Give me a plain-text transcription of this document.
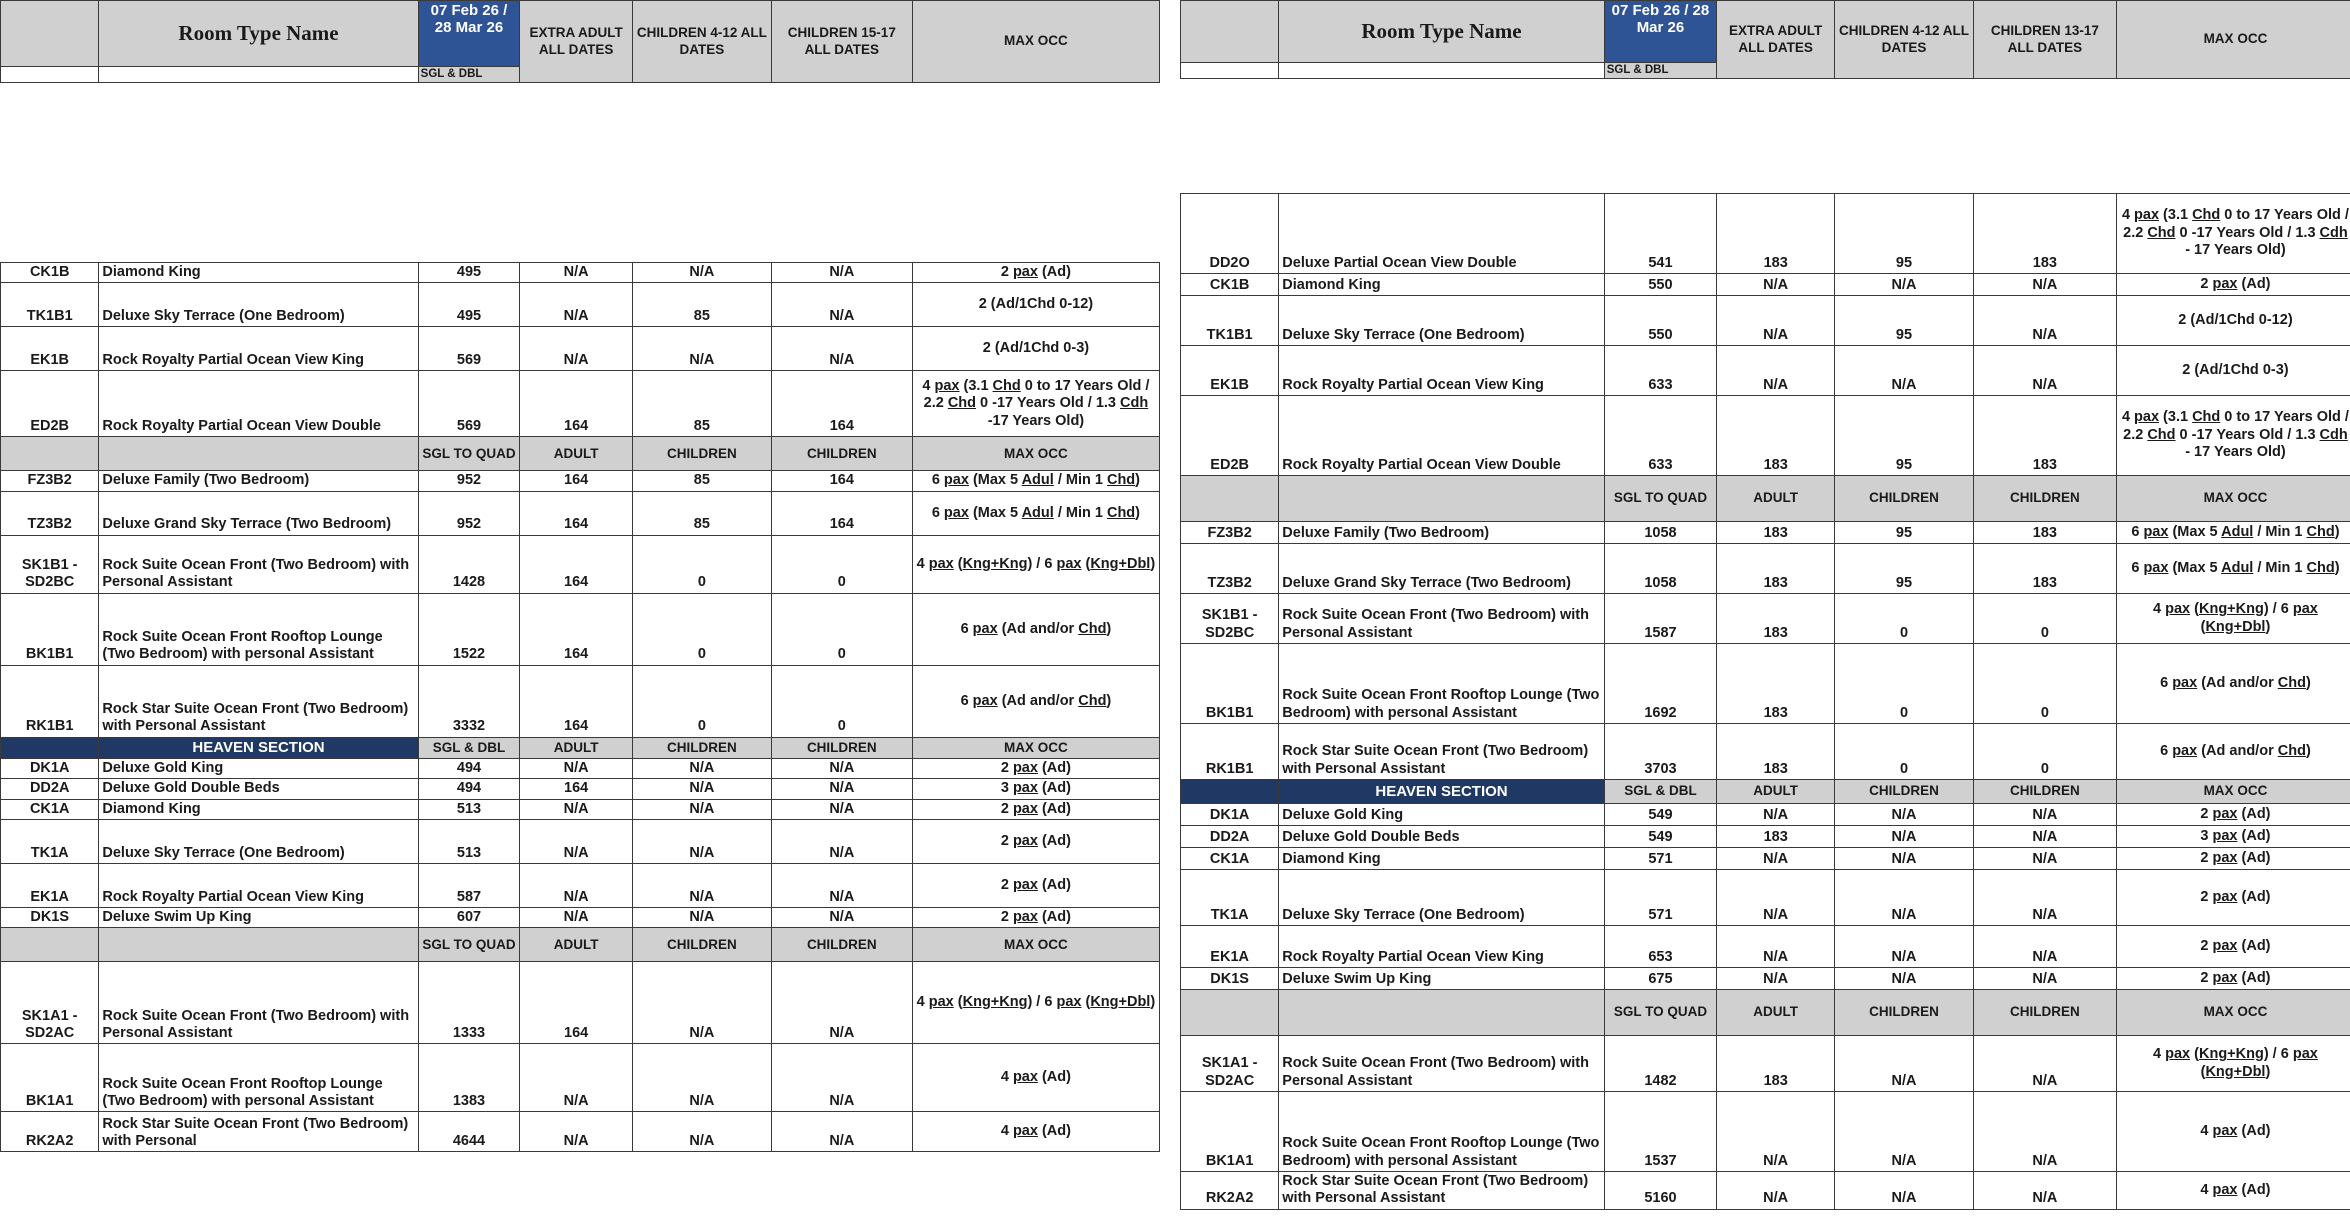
	Room Type Name	07 Feb 26 / 28 Mar 26	EXTRA ADULT ALL DATES	CHILDREN 4-12 ALL DATES	CHILDREN 15-17 ALL DATES	MAX OCC
		SGL & DBL				

CK1B	Diamond King	495	N/A	N/A	N/A	2 pax (Ad)
TK1B1	Deluxe Sky Terrace (One Bedroom)	495	N/A	85	N/A	2 (Ad/1Chd 0-12)
EK1B	Rock Royalty Partial Ocean View King	569	N/A	N/A	N/A	2 (Ad/1Chd 0-3)
ED2B	Rock Royalty Partial Ocean View Double	569	164	85	164	4 pax (3.1 Chd 0 to 17 Years Old / 2.2 Chd 0 -17 Years Old / 1.3 Cdh -17 Years Old)
		SGL TO QUAD	ADULT	CHILDREN	CHILDREN	MAX OCC
FZ3B2	Deluxe Family (Two Bedroom)	952	164	85	164	6 pax (Max 5 Adul / Min 1 Chd)
TZ3B2	Deluxe Grand Sky Terrace (Two Bedroom)	952	164	85	164	6 pax (Max 5 Adul / Min 1 Chd)
SK1B1 - SD2BC	Rock Suite Ocean Front (Two Bedroom) with Personal Assistant	1428	164	0	0	4 pax (Kng+Kng) / 6 pax (Kng+Dbl)
BK1B1	Rock Suite Ocean Front Rooftop Lounge (Two Bedroom) with personal Assistant	1522	164	0	0	6 pax (Ad and/or Chd)
RK1B1	Rock Star Suite Ocean Front (Two Bedroom) with Personal Assistant	3332	164	0	0	6 pax (Ad and/or Chd)
	HEAVEN SECTION	SGL & DBL	ADULT	CHILDREN	CHILDREN	MAX OCC
DK1A	Deluxe Gold King	494	N/A	N/A	N/A	2 pax (Ad)
DD2A	Deluxe Gold Double Beds	494	164	N/A	N/A	3 pax (Ad)
CK1A	Diamond King	513	N/A	N/A	N/A	2 pax (Ad)
TK1A	Deluxe Sky Terrace (One Bedroom)	513	N/A	N/A	N/A	2 pax (Ad)
EK1A	Rock Royalty Partial Ocean View King	587	N/A	N/A	N/A	2 pax (Ad)
DK1S	Deluxe Swim Up King	607	N/A	N/A	N/A	2 pax (Ad)
		SGL TO QUAD	ADULT	CHILDREN	CHILDREN	MAX OCC
SK1A1 - SD2AC	Rock Suite Ocean Front (Two Bedroom) with Personal Assistant	1333	164	N/A	N/A	4 pax (Kng+Kng) / 6 pax (Kng+Dbl)
BK1A1	Rock Suite Ocean Front Rooftop Lounge (Two Bedroom) with personal Assistant	1383	N/A	N/A	N/A	4 pax (Ad)
RK2A2	Rock Star Suite Ocean Front (Two Bedroom) with Personal	4644	N/A	N/A	N/A	4 pax (Ad)
	Room Type Name	07 Feb 26 / 28 Mar 26	EXTRA ADULT ALL DATES	CHILDREN 4-12 ALL DATES	CHILDREN 13-17 ALL DATES	MAX OCC
		SGL & DBL				

DD2O	Deluxe Partial Ocean View Double	541	183	95	183	4 pax (3.1 Chd 0 to 17 Years Old / 2.2 Chd 0 -17 Years Old / 1.3 Cdh - 17 Years Old)
CK1B	Diamond King	550	N/A	N/A	N/A	2 pax (Ad)
TK1B1	Deluxe Sky Terrace (One Bedroom)	550	N/A	95	N/A	2 (Ad/1Chd 0-12)
EK1B	Rock Royalty Partial Ocean View King	633	N/A	N/A	N/A	2 (Ad/1Chd 0-3)
ED2B	Rock Royalty Partial Ocean View Double	633	183	95	183	4 pax (3.1 Chd 0 to 17 Years Old / 2.2 Chd 0 -17 Years Old / 1.3 Cdh - 17 Years Old)
		SGL TO QUAD	ADULT	CHILDREN	CHILDREN	MAX OCC
FZ3B2	Deluxe Family (Two Bedroom)	1058	183	95	183	6 pax (Max 5 Adul / Min 1 Chd)
TZ3B2	Deluxe Grand Sky Terrace (Two Bedroom)	1058	183	95	183	6 pax (Max 5 Adul / Min 1 Chd)
SK1B1 - SD2BC	Rock Suite Ocean Front (Two Bedroom) with Personal Assistant	1587	183	0	0	4 pax (Kng+Kng) / 6 pax (Kng+Dbl)
BK1B1	Rock Suite Ocean Front Rooftop Lounge (Two Bedroom) with personal Assistant	1692	183	0	0	6 pax (Ad and/or Chd)
RK1B1	Rock Star Suite Ocean Front (Two Bedroom) with Personal Assistant	3703	183	0	0	6 pax (Ad and/or Chd)
	HEAVEN SECTION	SGL & DBL	ADULT	CHILDREN	CHILDREN	MAX OCC
DK1A	Deluxe Gold King	549	N/A	N/A	N/A	2 pax (Ad)
DD2A	Deluxe Gold Double Beds	549	183	N/A	N/A	3 pax (Ad)
CK1A	Diamond King	571	N/A	N/A	N/A	2 pax (Ad)
TK1A	Deluxe Sky Terrace (One Bedroom)	571	N/A	N/A	N/A	2 pax (Ad)
EK1A	Rock Royalty Partial Ocean View King	653	N/A	N/A	N/A	2 pax (Ad)
DK1S	Deluxe Swim Up King	675	N/A	N/A	N/A	2 pax (Ad)
		SGL TO QUAD	ADULT	CHILDREN	CHILDREN	MAX OCC
SK1A1 - SD2AC	Rock Suite Ocean Front (Two Bedroom) with Personal Assistant	1482	183	N/A	N/A	4 pax (Kng+Kng) / 6 pax (Kng+Dbl)
BK1A1	Rock Suite Ocean Front Rooftop Lounge (Two Bedroom) with personal Assistant	1537	N/A	N/A	N/A	4 pax (Ad)
RK2A2	Rock Star Suite Ocean Front (Two Bedroom) with Personal Assistant	5160	N/A	N/A	N/A	4 pax (Ad)
